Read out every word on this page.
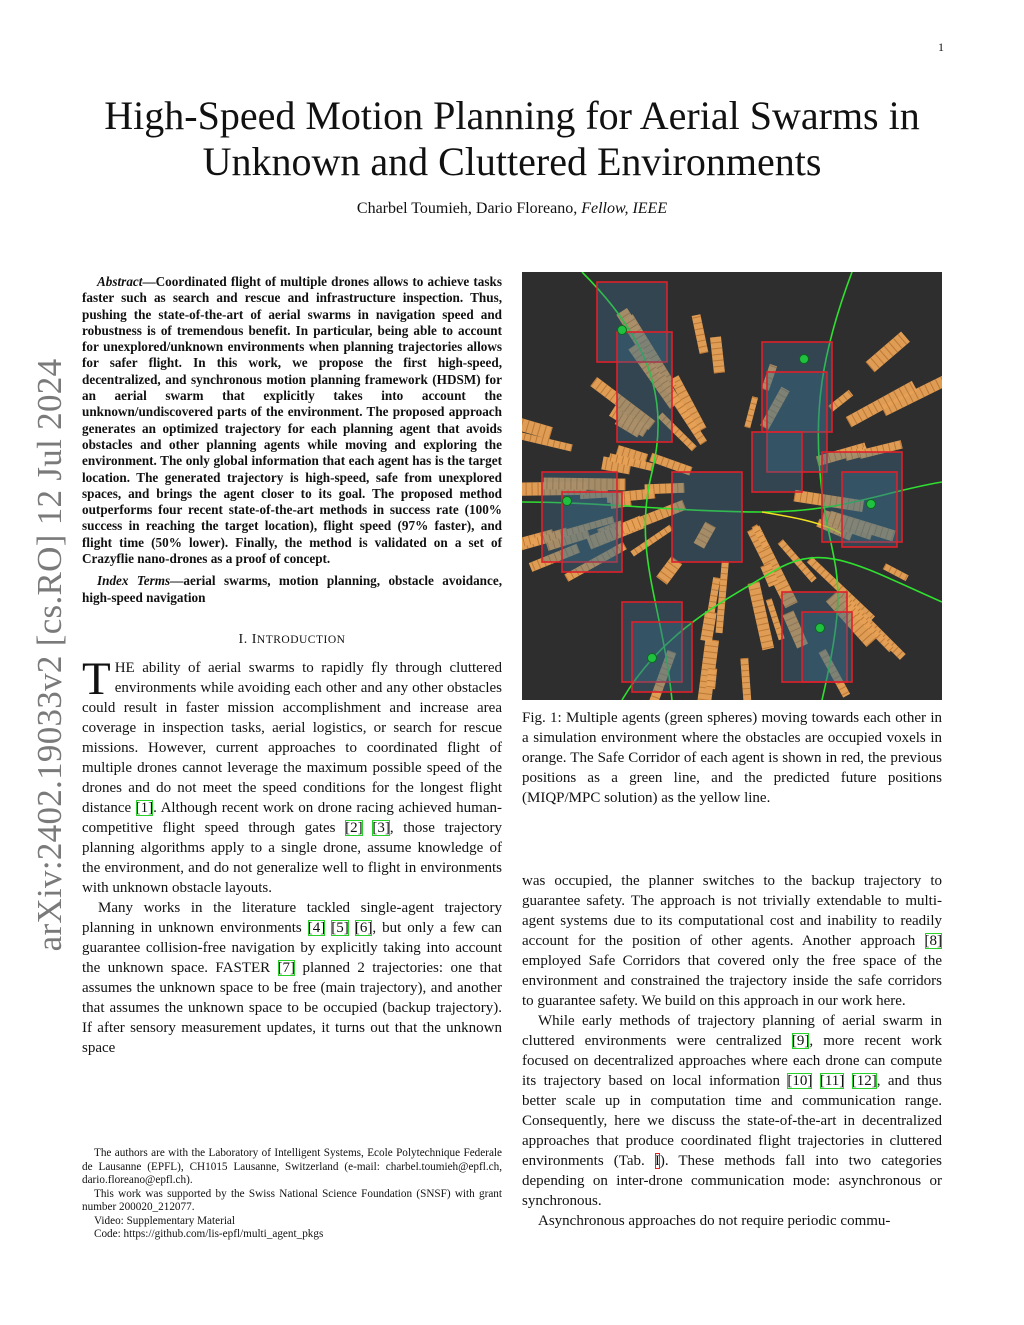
1
arXiv:2402.19033v2 [cs.RO] 12 Jul 2024
High-Speed Motion Planning for Aerial Swarms in Unknown and Cluttered Environments
Charbel Toumieh, Dario Floreano, Fellow, IEEE

Abstract—Coordinated flight of multiple drones allows to achieve tasks faster such as search and rescue and infrastructure inspection. Thus, pushing the state-of-the-art of aerial swarms in navigation speed and robustness is of tremendous benefit. In particular, being able to account for unexplored/unknown environments when planning trajectories allows for safer flight. In this work, we propose the first high-speed, decentralized, and synchronous motion planning framework (HDSM) for an aerial swarm that explicitly takes into account the unknown/undiscovered parts of the environment. The proposed approach generates an optimized trajectory for each planning agent that avoids obstacles and other planning agents while moving and exploring the environment. The only global information that each agent has is the target location. The generated trajectory is high-speed, safe from unexplored spaces, and brings the agent closer to its goal. The proposed method outperforms four recent state-of-the-art methods in success rate (100% success in reaching the target location), flight speed (97% faster), and flight time (50% lower). Finally, the method is validated on a set of Crazyflie nano-drones as a proof of concept.

Index Terms—aerial swarms, motion planning, obstacle avoidance, high-speed navigation

I. INTRODUCTION

THE ability of aerial swarms to rapidly fly through cluttered environments while avoiding each other and any other obstacles could result in faster mission accomplishment and increase area coverage in inspection tasks, aerial logistics, or search for rescue missions. However, current approaches to coordinated flight of multiple drones cannot leverage the maximum possible speed of the drones and do not meet the speed conditions for the longest flight distance [1]. Although recent work on drone racing achieved human-competitive flight speed through gates [2] [3], those trajectory planning algorithms apply to a single drone, assume knowledge of the environment, and do not generalize well to flight in environments with unknown obstacle layouts.

Many works in the literature tackled single-agent trajectory planning in unknown environments [4] [5] [6], but only a few can guarantee collision-free navigation by explicitly taking into account the unknown space. FASTER [7] planned 2 trajectories: one that assumes the unknown space to be free (main trajectory), and another that assumes the unknown space to be occupied (backup trajectory). If after sensory measurement updates, it turns out that the unknown space

The authors are with the Laboratory of Intelligent Systems, Ecole Polytechnique Federale de Lausanne (EPFL), CH1015 Lausanne, Switzerland (e-mail: charbel.toumieh@epfl.ch, dario.floreano@epfl.ch).

This work was supported by the Swiss National Science Foundation (SNSF) with grant number 200020_212077.

Video: Supplementary Material

Code: https://github.com/lis-epfl/multi_agent_pkgs

Fig. 1: Multiple agents (green spheres) moving towards each other in a simulation environment where the obstacles are occupied voxels in orange. The Safe Corridor of each agent is shown in red, the previous positions as a green line, and the predicted future positions (MIQP/MPC solution) as the yellow line.

was occupied, the planner switches to the backup trajectory to guarantee safety. The approach is not trivially extendable to multi-agent systems due to its computational cost and inability to readily account for the position of other agents. Another approach [8] employed Safe Corridors that covered only the free space of the environment and constrained the trajectory inside the safe corridors to guarantee safety. We build on this approach in our work here.

While early methods of trajectory planning of aerial swarm in cluttered environments were centralized [9], more recent work focused on decentralized approaches where each drone can compute its trajectory based on local information [10] [11] [12], and thus better scale up in computation time and communication range. Consequently, here we discuss the state-of-the-art in decentralized approaches that produce coordinated flight trajectories in cluttered environments (Tab. I). These methods fall into two categories depending on inter-drone communication mode: asynchronous or synchronous.

Asynchronous approaches do not require periodic commu-
